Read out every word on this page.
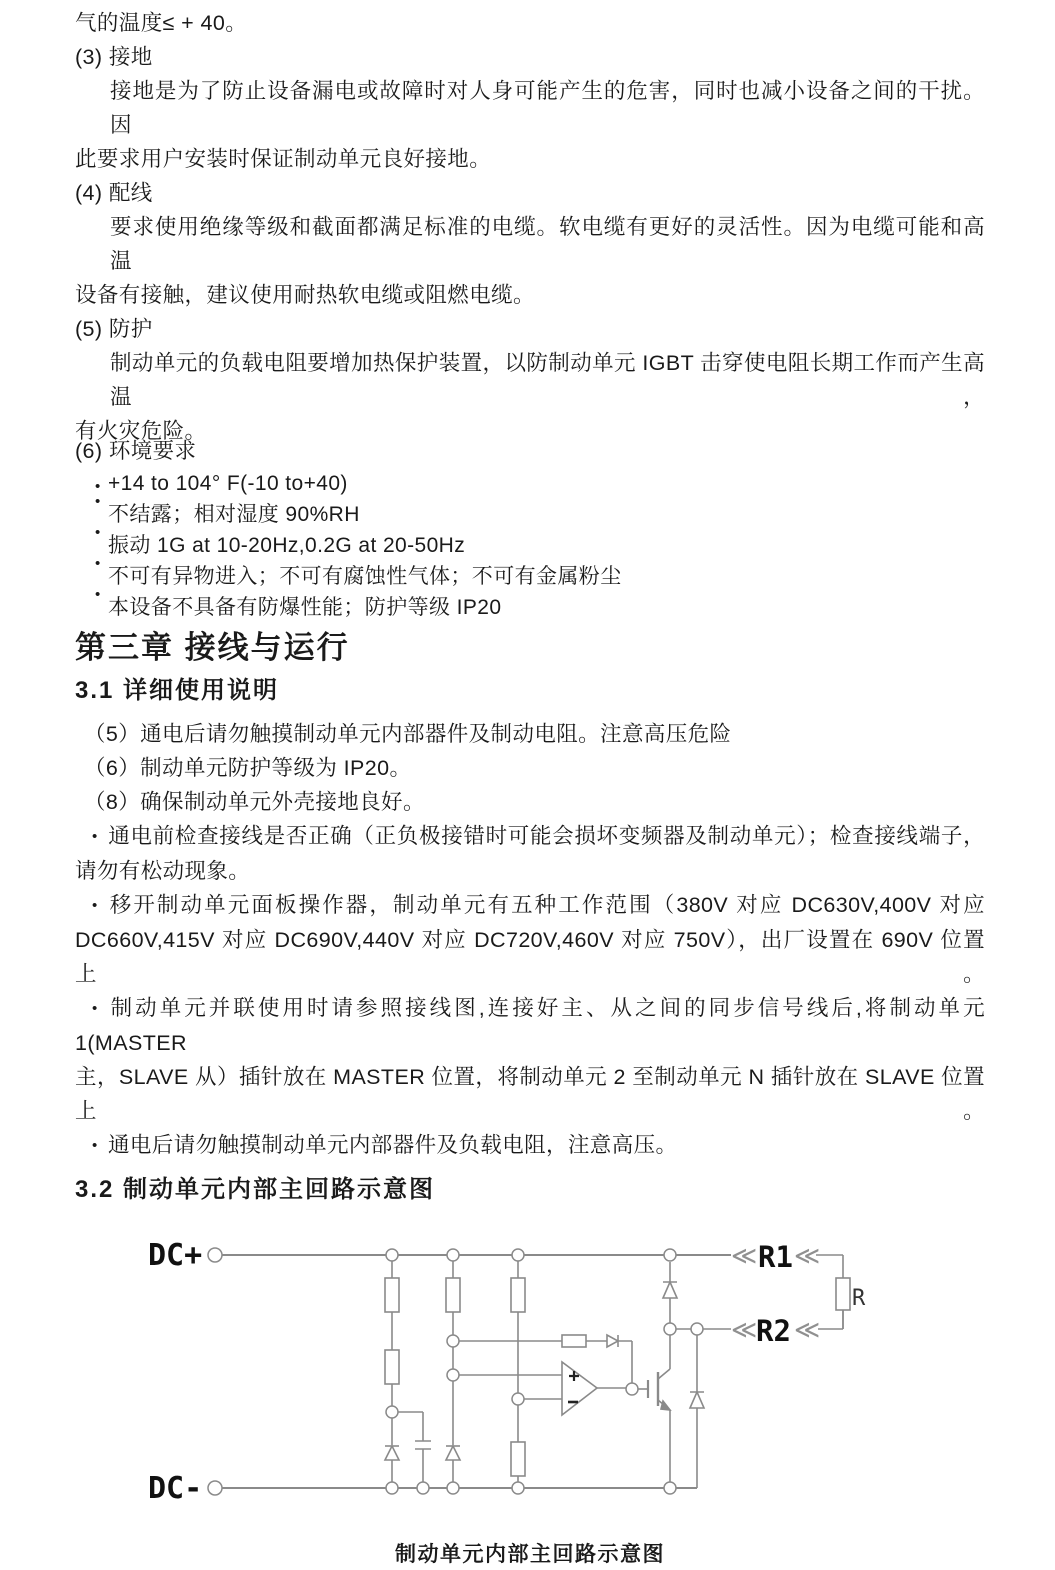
气的温度≤ + 40。
(3) 接地
接地是为了防止设备漏电或故障时对人身可能产生的危害，同时也减小设备之间的干扰。因
此要求用户安装时保证制动单元良好接地。
(4) 配线
要求使用绝缘等级和截面都满足标准的电缆。软电缆有更好的灵活性。因为电缆可能和高温
设备有接触，建议使用耐热软电缆或阻燃电缆。
(5) 防护
制动单元的负载电阻要增加热保护装置，以防制动单元 IGBT 击穿使电阻长期工作而产生高温，
有火灾危险。
(6) 环境要求
• +14 to 104° F(-10 to+40)
•
不结露；相对湿度 90%RH
•
振动 1G at 10-20Hz,0.2G at 20-50Hz
•
不可有异物进入；不可有腐蚀性气体；不可有金属粉尘
•
本设备不具备有防爆性能；防护等级 IP20
第三章 接线与运行
3.1 详细使用说明
（5）通电后请勿触摸制动单元内部器件及制动电阻。注意高压危险
（6）制动单元防护等级为 IP20。
（8）确保制动单元外壳接地良好。
• 通电前检查接线是否正确（正负极接错时可能会损坏变频器及制动单元）；检查接线端子，
请勿有松动现象。
• 移开制动单元面板操作器，制动单元有五种工作范围（380V 对应 DC630V,400V 对应
DC660V,415V 对应 DC690V,440V 对应 DC720V,460V 对应 750V），出厂设置在 690V 位置上。
• 制动单元并联使用时请参照接线图,连接好主、从之间的同步信号线后,将制动单元1(MASTER
主，SLAVE 从）插针放在 MASTER 位置，将制动单元 2 至制动单元 N 插针放在 SLAVE 位置上。
• 通电后请勿触摸制动单元内部器件及负载电阻，注意高压。
3.2 制动单元内部主回路示意图
DC+
DC-
≪ R1 ≪
≪
R2 ≪
R
制动单元内部主回路示意图
